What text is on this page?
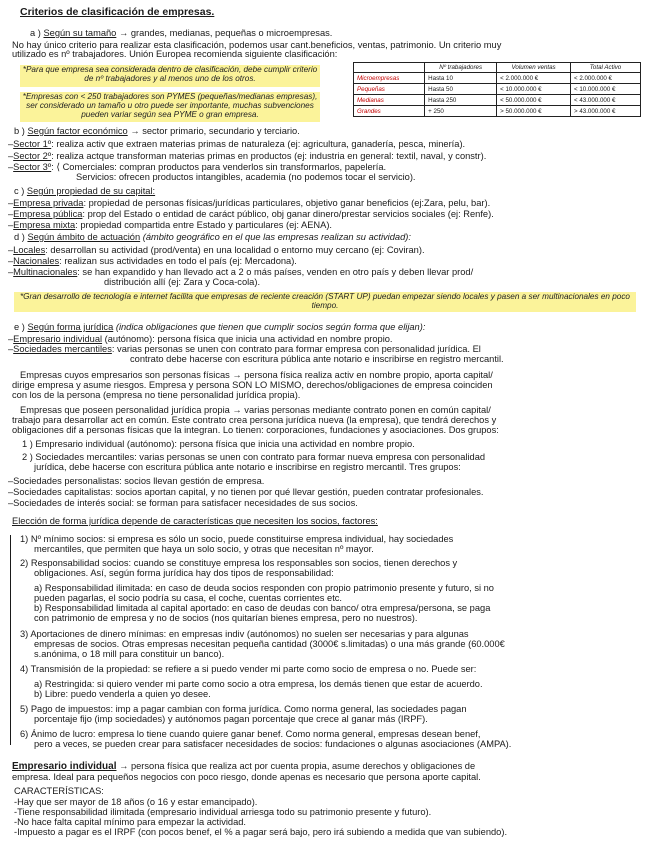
Criterios de clasificación de empresas.
a ) Según su tamaño → grandes, medianas, pequeñas o microempresas.
No hay único criterio para realizar esta clasificación, podemos usar cant.beneficios, ventas, patrimonio. Un criterio muy
utilizado es nº trabajadores. Unión Europea recomienda siguiente clasificación:
*Para que empresa sea considerada dentro de clasificación, debe cumplir criterio de nº trabajadores y al menos uno de los otros.
*Empresas con < 250 trabajadores son PYMES (pequeñas/medianas empresas), ser considerado un tamaño u otro puede ser importante, muchas subvenciones pueden variar según sea PYME o gran empresa.
	Nº trabajadores	Volumen ventas	Total Activo
Microempresas	Hasta 10	< 2.000.000 €	< 2.000.000 €
Pequeñas	Hasta 50	< 10.000.000 €	< 10.000.000 €
Medianas	Hasta 250	< 50.000.000 €	< 43.000.000 €
Grandes	+ 250	> 50.000.000 €	> 43.000.000 €
b ) Según factor económico → sector primario, secundario y terciario.
–Sector 1º: realiza activ que extraen materias primas de naturaleza (ej: agricultura, ganadería, pesca, minería).
–Sector 2º: realiza actque transforman materias primas en productos (ej: industria en general: textil, naval, y constr).
–Sector 3º: ⟨ Comerciales: compran productos para venderlos sin transformarlos, papelería.
Servicios: ofrecen productos intangibles, academia (no podemos tocar el servicio).
c ) Según propiedad de su capital:
–Empresa privada: propiedad de personas físicas/jurídicas particulares, objetivo ganar beneficios (ej:Zara, pelu, bar).
–Empresa pública: prop del Estado o entidad de caráct público, obj ganar dinero/prestar servicios sociales (ej: Renfe).
–Empresa mixta: propiedad compartida entre Estado y particulares (ej: AENA).
d ) Según ámbito de actuación (ámbito geográfico en el que las empresas realizan su actividad):
–Locales: desarrollan su actividad (prod/venta) en una localidad o entorno muy cercano (ej: Coviran).
–Nacionales: realizan sus actividades en todo el país (ej: Mercadona).
–Multinacionales: se han expandido y han llevado act a 2 o más países, venden en otro país y deben llevar prod/
distribución allí (ej: Zara y Coca-cola).
*Gran desarrollo de tecnología e internet facilita que empresas de reciente creación (START UP) puedan empezar siendo locales y pasen a ser multinacionales en poco tiempo.
e ) Según forma jurídica (indica obligaciones que tienen que cumplir socios según forma que elijan):
–Empresario individual (autónomo): persona física que inicia una actividad en nombre propio.
–Sociedades mercantiles: varias personas se unen con contrato para formar empresa con personalidad jurídica. El
contrato debe hacerse con escritura pública ante notario e inscribirse en registro mercantil.
Empresas cuyos empresarios son personas físicas → persona física realiza activ en nombre propio, aporta capital/
dirige empresa y asume riesgos. Empresa y persona SON LO MISMO, derechos/obligaciones de empresa coinciden
con los de la persona (empresa no tiene personalidad jurídica propia).
Empresas que poseen personalidad jurídica propia → varias personas mediante contrato ponen en común capital/
trabajo para desarrollar act en común. Este contrato crea persona jurídica nueva (la empresa), que tendrá derechos y
obligaciones dif a personas físicas que la integran. Lo tienen: corporaciones, fundaciones y asociaciones. Dos grupos:
1 ) Empresario individual (autónomo): persona física que inicia una actividad en nombre propio.
2 ) Sociedades mercantiles: varias personas se unen con contrato para formar nueva empresa con personalidad
jurídica, debe hacerse con escritura pública ante notario e inscribirse en registro mercantil. Tres grupos:
–Sociedades personalistas: socios llevan gestión de empresa.
–Sociedades capitalistas: socios aportan capital, y no tienen por qué llevar gestión, pueden contratar profesionales.
–Sociedades de interés social: se forman para satisfacer necesidades de sus socios.
Elección de forma jurídica depende de características que necesiten los socios, factores:
1) Nº mínimo socios: si empresa es sólo un socio, puede constituirse empresa individual, hay sociedades
mercantiles, que permiten que haya un solo socio, y otras que necesitan nº mayor.
2) Responsabilidad socios: cuando se constituye empresa los responsables son socios, tienen derechos y
obligaciones. Así, según forma jurídica hay dos tipos de responsabilidad:
a) Responsabilidad ilimitada: en caso de deuda socios responden con propio patrimonio presente y futuro, si no
pueden pagarlas, el socio podría su casa, el coche, cuentas corrientes etc.
b) Responsabilidad limitada al capital aportado: en caso de deudas con banco/ otra empresa/persona, se paga
con patrimonio de empresa y no de socios (nos quitarían bienes empresa, pero no nuestros).
3) Aportaciones de dinero mínimas: en empresas indiv (autónomos) no suelen ser necesarias y para algunas
empresas de socios. Otras empresas necesitan pequeña cantidad (3000€ s.limitadas) o una más grande (60.000€
s.anónima, o 18 mill para constituir un banco).
4) Transmisión de la propiedad: se refiere a si puedo vender mi parte como socio de empresa o no. Puede ser:
a) Restringida: si quiero vender mi parte como socio a otra empresa, los demás tienen que estar de acuerdo.
b) Libre: puedo venderla a quien yo desee.
5) Pago de impuestos: imp a pagar cambian con forma jurídica. Como norma general, las sociedades pagan
porcentaje fijo (imp sociedades) y autónomos pagan porcentaje que crece al ganar más (IRPF).
6) Ánimo de lucro: empresa lo tiene cuando quiere ganar benef. Como norma general, empresas desean benef,
pero a veces, se pueden crear para satisfacer necesidades de socios: fundaciones o algunas asociaciones (AMPA).
Empresario individual → persona física que realiza act por cuenta propia, asume derechos y obligaciones de
empresa. Ideal para pequeños negocios con poco riesgo, donde apenas es necesario que persona aporte capital.
CARACTERÍSTICAS:
-Hay que ser mayor de 18 años (o 16 y estar emancipado).
-Tiene responsabilidad ilimitada (empresario individual arriesga todo su patrimonio presente y futuro).
-No hace falta capital mínimo para empezar la actividad.
-Impuesto a pagar es el IRPF (con pocos benef, el % a pagar será bajo, pero irá subiendo a medida que van subiendo).
